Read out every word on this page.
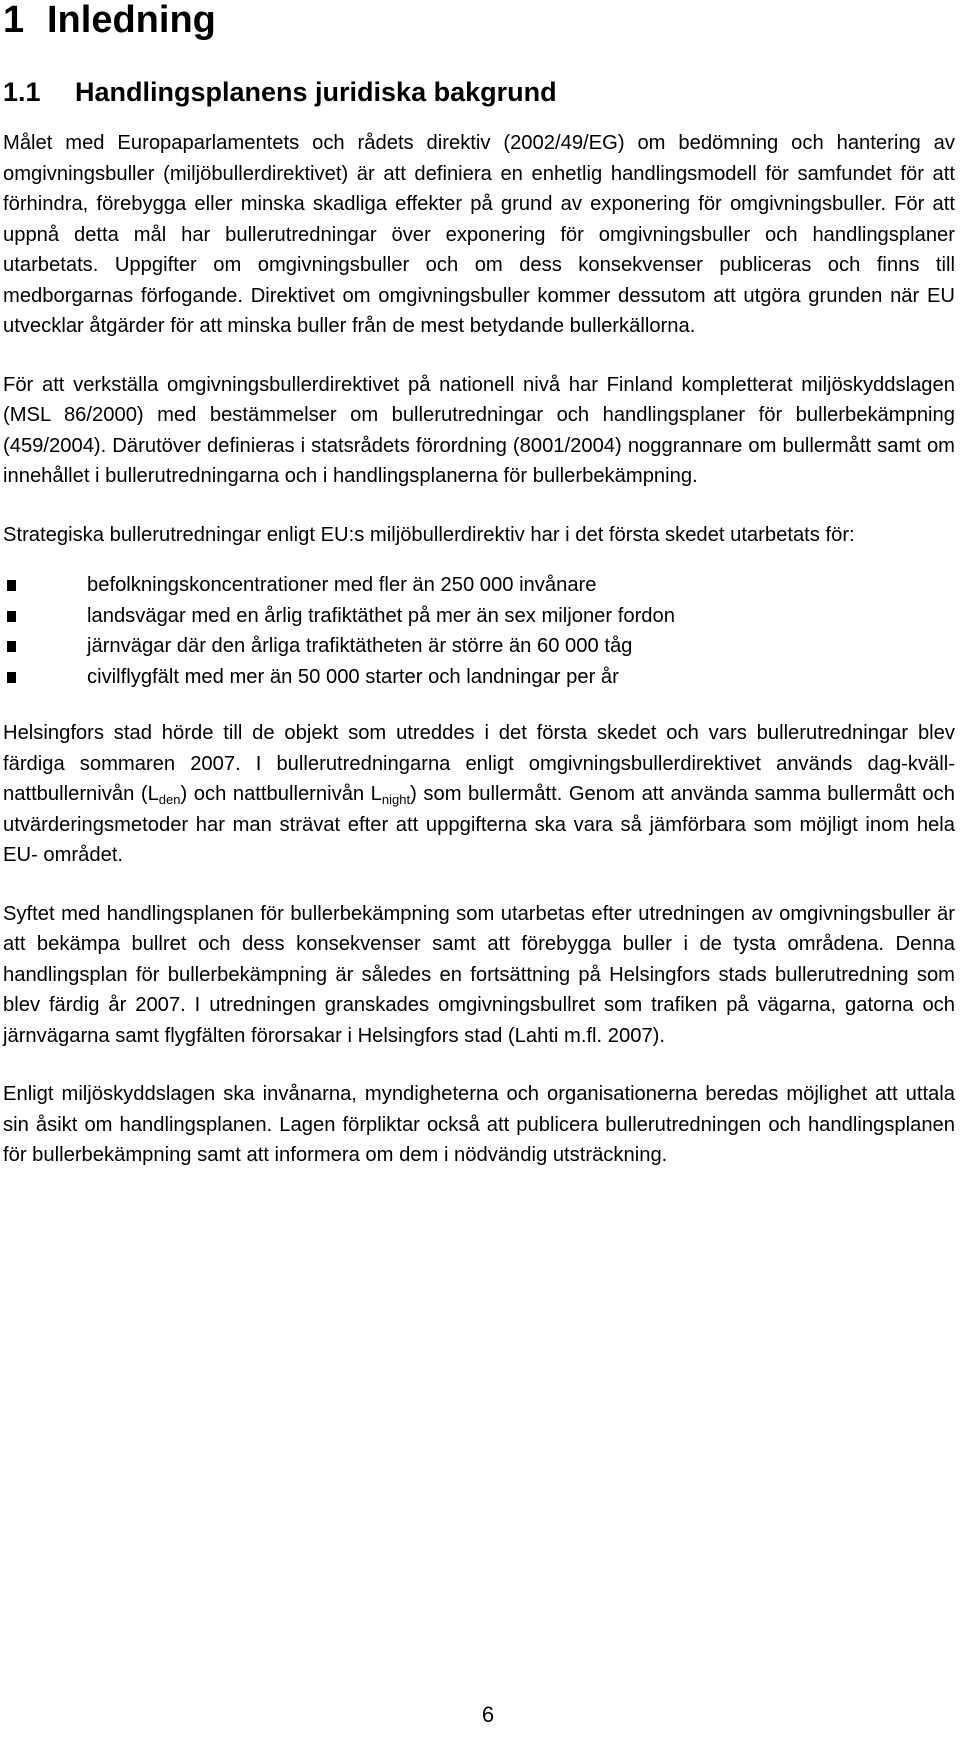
1 Inledning
1.1 Handlingsplanens juridiska bakgrund

Målet med Europaparlamentets och rådets direktiv (2002/49/EG) om bedömning och hantering av omgivningsbuller (miljöbullerdirektivet) är att definiera en enhetlig handlingsmodell för samfundet för att förhindra, förebygga eller minska skadliga effekter på grund av exponering för omgivningsbuller. För att uppnå detta mål har bullerutredningar över exponering för omgivningsbuller och handlingsplaner utarbetats. Uppgifter om omgivningsbuller och om dess konsekvenser publiceras och finns till medborgarnas förfogande. Direktivet om omgivningsbuller kommer dessutom att utgöra grunden när EU utvecklar åtgärder för att minska buller från de mest betydande bullerkällorna.

För att verkställa omgivningsbullerdirektivet på nationell nivå har Finland kompletterat miljöskyddslagen (MSL 86/2000) med bestämmelser om bullerutredningar och handlingsplaner för bullerbekämpning (459/2004). Därutöver definieras i statsrådets förordning (8001/2004) noggrannare om bullermått samt om innehållet i bullerutredningarna och i handlingsplanerna för bullerbekämpning.

Strategiska bullerutredningar enligt EU:s miljöbullerdirektiv har i det första skedet utarbetats för:

befolkningskoncentrationer med fler än 250 000 invånare
landsvägar med en årlig trafiktäthet på mer än sex miljoner fordon
järnvägar där den årliga trafiktätheten är större än 60 000 tåg
civilflygfält med mer än 50 000 starter och landningar per år

Helsingfors stad hörde till de objekt som utreddes i det första skedet och vars bullerutredningar blev färdiga sommaren 2007. I bullerutredningarna enligt omgivningsbullerdirektivet används dag-kväll-nattbullernivån $(L_{den})$ och nattbullernivån $L_{night}$) som bullermått. Genom att använda samma bullermått och utvärderingsmetoder har man strävat efter att uppgifterna ska vara så jämförbara som möjligt inom hela EU- området.

Syftet med handlingsplanen för bullerbekämpning som utarbetas efter utredningen av omgivningsbuller är att bekämpa bullret och dess konsekvenser samt att förebygga buller i de tysta områdena. Denna handlingsplan för bullerbekämpning är således en fortsättning på Helsingfors stads bullerutredning som blev färdig år 2007. I utredningen granskades omgivningsbullret som trafiken på vägarna, gatorna och järnvägarna samt flygfälten förorsakar i Helsingfors stad (Lahti m.fl. 2007).

Enligt miljöskyddslagen ska invånarna, myndigheterna och organisationerna beredas möjlighet att uttala sin åsikt om handlingsplanen. Lagen förpliktar också att publicera bullerutredningen och handlingsplanen för bullerbekämpning samt att informera om dem i nödvändig utsträckning.

6
